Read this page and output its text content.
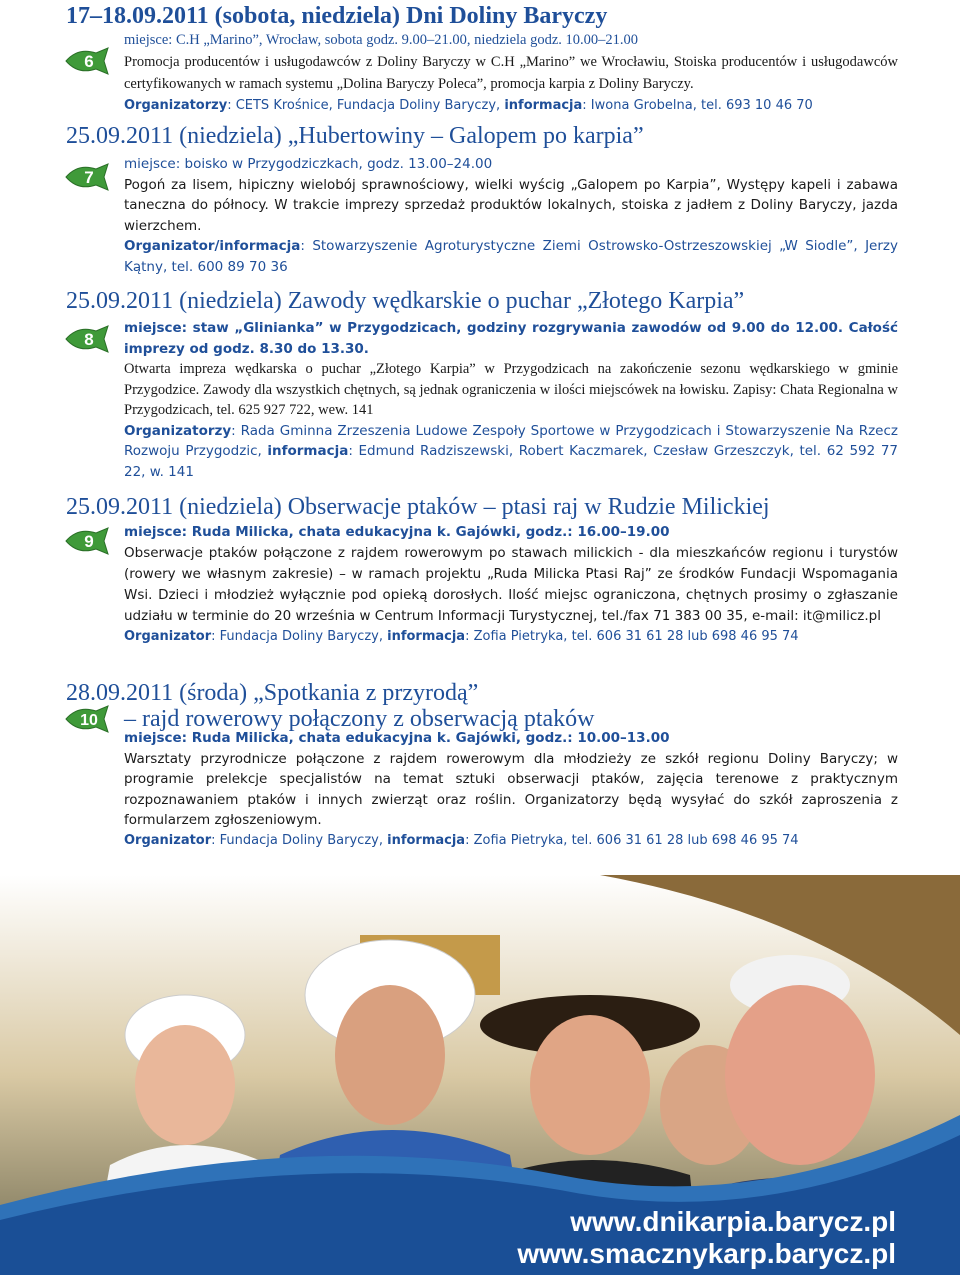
17–18.09.2011 (sobota, niedziela) Dni Doliny Baryczy
6

miejsce: C.H „Marino”, Wrocław, sobota godz. 9.00–21.00, niedziela godz. 10.00–21.00

Promocja producentów i usługodawców z Doliny Baryczy w C.H „Marino” we Wrocławiu, Stoiska producentów i usługodawców certyfikowanych w ramach systemu „Dolina Baryczy Poleca”, promocja karpia z Doliny Baryczy.

Organizatorzy: CETS Krośnice, Fundacja Doliny Baryczy, informacja: Iwona Grobelna, tel. 693 10 46 70

25.09.2011 (niedziela) „Hubertowiny – Galopem po karpia”
7

miejsce: boisko w Przygodziczkach, godz. 13.00–24.00

Pogoń za lisem, hipiczny wielobój sprawnościowy, wielki wyścig „Galopem po Karpia”, Występy kapeli i zabawa taneczna do północy. W trakcie imprezy sprzedaż produktów lokalnych, stoiska z jadłem z Doliny Baryczy, jazda wierzchem.

Organizator/informacja: Stowarzyszenie Agroturystyczne Ziemi Ostrowsko-Ostrzeszowskiej „W Siodle”, Jerzy Kątny, tel. 600 89 70 36

25.09.2011 (niedziela) Zawody wędkarskie o puchar „Złotego Karpia”
8

miejsce: staw „Glinianka” w Przygodzicach, godziny rozgrywania zawodów od 9.00 do 12.00. Całość imprezy od godz. 8.30 do 13.30.

Otwarta impreza wędkarska o puchar „Złotego Karpia” w Przygodzicach na zakończenie sezonu wędkarskiego w gminie Przygodzice. Zawody dla wszystkich chętnych, są jednak ograniczenia w ilości miejscówek na łowisku. Zapisy: Chata Regionalna w Przygodzicach, tel. 625 927 722, wew. 141

Organizatorzy: Rada Gminna Zrzeszenia Ludowe Zespoły Sportowe w Przygodzicach i Stowarzyszenie Na Rzecz Rozwoju Przygodzic, informacja: Edmund Radziszewski, Robert Kaczmarek, Czesław Grzeszczyk, tel. 62 592 77 22, w. 141

25.09.2011 (niedziela) Obserwacje ptaków – ptasi raj w Rudzie Milickiej
9 miejsce: Ruda Milicka, chata edukacyjna k. Gajówki, godz.: 16.00–19.00

Obserwacje ptaków połączone z rajdem rowerowym po stawach milickich - dla mieszkańców regionu i turystów (rowery we własnym zakresie) – w ramach projektu „Ruda Milicka Ptasi Raj” ze środków Fundacji Wspomagania Wsi. Dzieci i młodzież wyłącznie pod opieką dorosłych. Ilość miejsc ograniczona, chętnych prosimy o zgłaszanie udziału w terminie do 20 września w Centrum Informacji Turystycznej, tel./fax 71 383 00 35, e-mail: it@milicz.pl

Organizator: Fundacja Doliny Baryczy, informacja: Zofia Pietryka, tel. 606 31 61 28 lub 698 46 95 74

28.09.2011 (środa) „Spotkania z przyrodą”
– rajd rowerowy połączony z obserwacją ptaków
10

miejsce: Ruda Milicka, chata edukacyjna k. Gajówki, godz.: 10.00–13.00

Warsztaty przyrodnicze połączone z rajdem rowerowym dla młodzieży ze szkół regionu Doliny Baryczy; w programie prelekcje specjalistów na temat sztuki obserwacji ptaków, zajęcia terenowe z praktycznym rozpoznawaniem ptaków i innych zwierząt oraz roślin. Organizatorzy będą wysyłać do szkół zaproszenia z formularzem zgłoszeniowym.

Organizator: Fundacja Doliny Baryczy, informacja: Zofia Pietryka, tel. 606 31 61 28 lub 698 46 95 74

www.dnikarpia.barycz.pl
www.smacznykarp.barycz.pl
